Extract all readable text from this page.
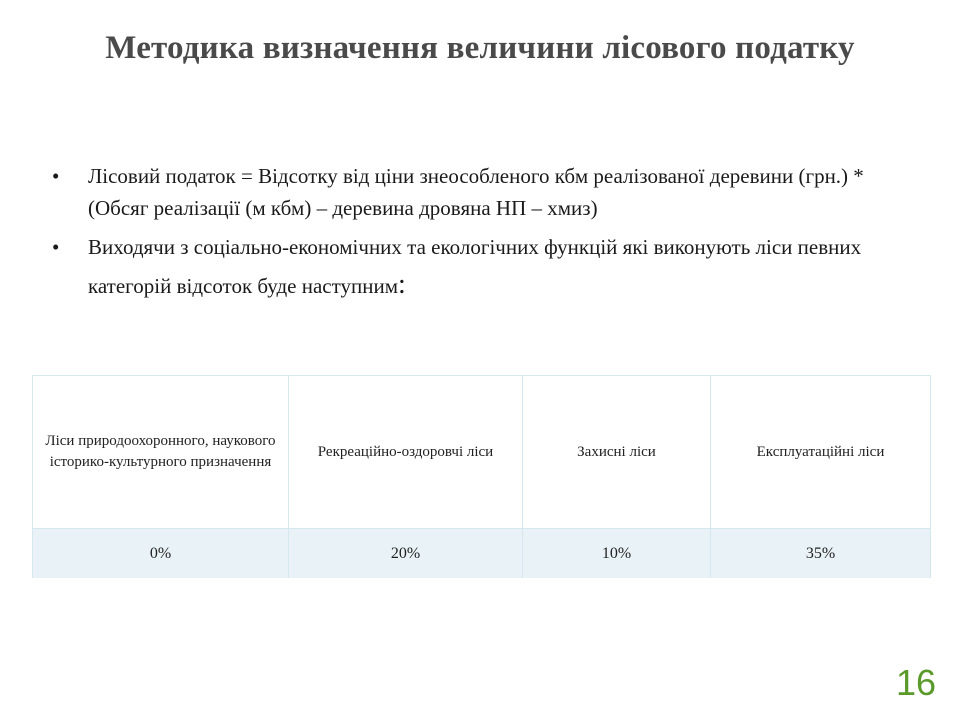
Методика визначення величини лісового податку
• Лісовий податок = Відсотку від ціни знеособленого кбм реалізованої деревини (грн.) * (Обсяг реалізації (м кбм) – деревина дровяна НП – хмиз)
• Виходячи з соціально-економічних та екологічних функцій які виконують ліси певних категорій відсоток буде наступним:
Ліси природоохоронного, наукового історико-культурного призначення	Рекреаційно-оздоровчі ліси	Захисні ліси	Експлуатаційні ліси
0%	20%	10%	35%
16
